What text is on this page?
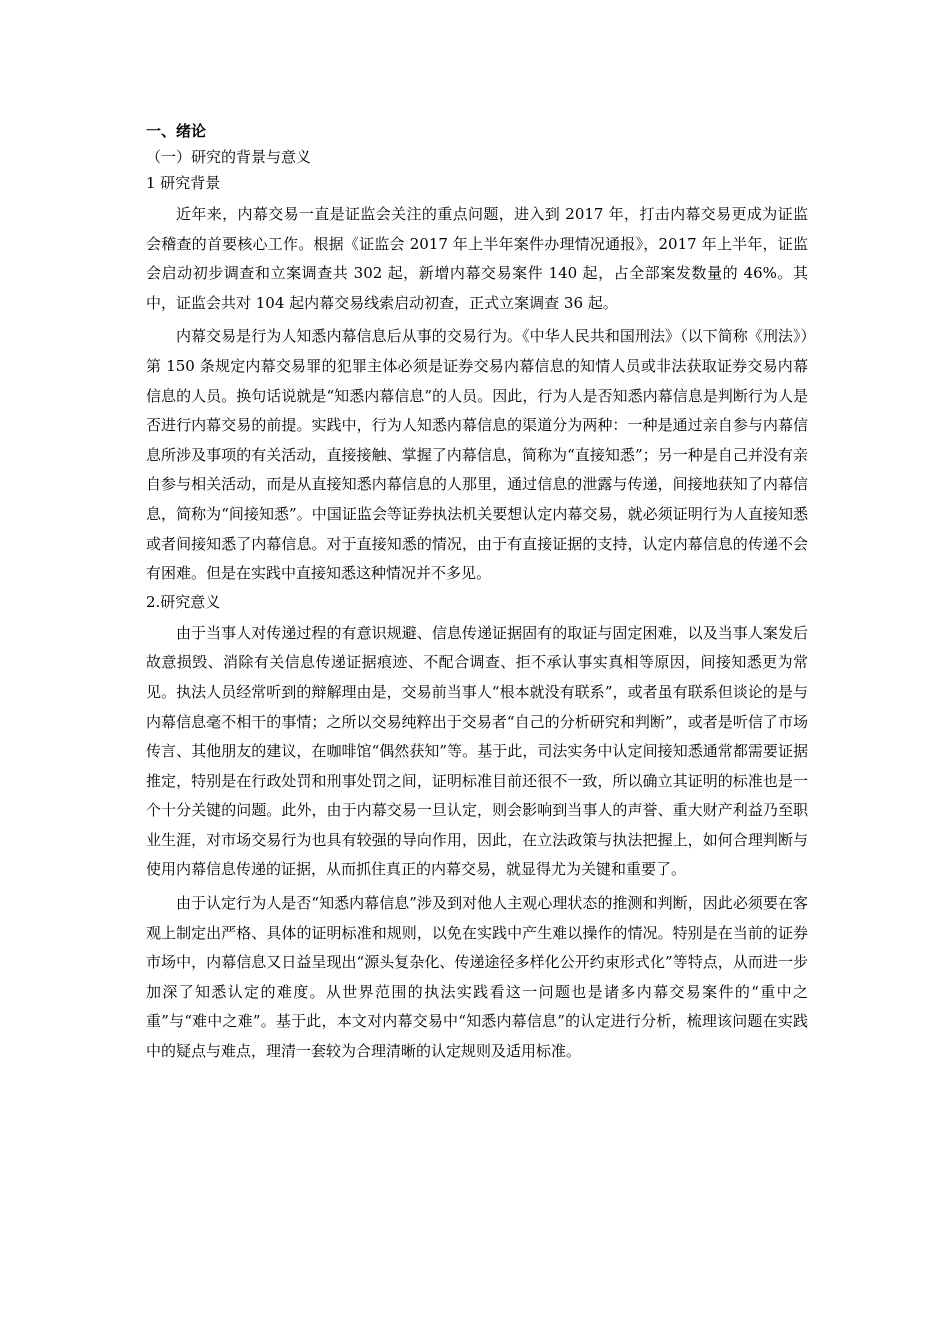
一、绪论
（一）研究的背景与意义
1 研究背景

近年来，内幕交易一直是证监会关注的重点问题，进入到 2017 年，打击内幕交易更成为证监会稽查的首要核心工作。根据《证监会 2017 年上半年案件办理情况通报》，2017 年上半年，证监会启动初步调查和立案调查共 302 起，新增内幕交易案件 140 起，占全部案发数量的 46%。其中，证监会共对 104 起内幕交易线索启动初查，正式立案调查 36 起。

内幕交易是行为人知悉内幕信息后从事的交易行为。《中华人民共和国刑法》（以下简称《刑法》）第 150 条规定内幕交易罪的犯罪主体必须是证券交易内幕信息的知情人员或非法获取证券交易内幕信息的人员。换句话说就是“知悉内幕信息”的人员。因此，行为人是否知悉内幕信息是判断行为人是否进行内幕交易的前提。实践中，行为人知悉内幕信息的渠道分为两种：一种是通过亲自参与内幕信息所涉及事项的有关活动，直接接触、掌握了内幕信息，简称为“直接知悉”；另一种是自己并没有亲自参与相关活动，而是从直接知悉内幕信息的人那里，通过信息的泄露与传递，间接地获知了内幕信息，简称为“间接知悉”。中国证监会等证券执法机关要想认定内幕交易，就必须证明行为人直接知悉或者间接知悉了内幕信息。对于直接知悉的情况，由于有直接证据的支持，认定内幕信息的传递不会有困难。但是在实践中直接知悉这种情况并不多见。

2.研究意义

由于当事人对传递过程的有意识规避、信息传递证据固有的取证与固定困难，以及当事人案发后故意损毁、消除有关信息传递证据痕迹、不配合调查、拒不承认事实真相等原因，间接知悉更为常见。执法人员经常听到的辩解理由是，交易前当事人“根本就没有联系”，或者虽有联系但谈论的是与内幕信息毫不相干的事情；之所以交易纯粹出于交易者“自己的分析研究和判断”，或者是听信了市场传言、其他朋友的建议，在咖啡馆“偶然获知”等。基于此，司法实务中认定间接知悉通常都需要证据推定，特别是在行政处罚和刑事处罚之间，证明标准目前还很不一致，所以确立其证明的标准也是一个十分关键的问题。此外，由于内幕交易一旦认定，则会影响到当事人的声誉、重大财产利益乃至职业生涯，对市场交易行为也具有较强的导向作用，因此，在立法政策与执法把握上，如何合理判断与使用内幕信息传递的证据，从而抓住真正的内幕交易，就显得尤为关键和重要了。

由于认定行为人是否“知悉内幕信息”涉及到对他人主观心理状态的推测和判断，因此必须要在客观上制定出严格、具体的证明标准和规则，以免在实践中产生难以操作的情况。特别是在当前的证券市场中，内幕信息又日益呈现出“源头复杂化、传递途径多样化公开约束形式化”等特点，从而进一步加深了知悉认定的难度。从世界范围的执法实践看这一问题也是诸多内幕交易案件的“重中之重”与“难中之难”。基于此，本文对内幕交易中“知悉内幕信息”的认定进行分析，梳理该问题在实践中的疑点与难点，理清一套较为合理清晰的认定规则及适用标准。
